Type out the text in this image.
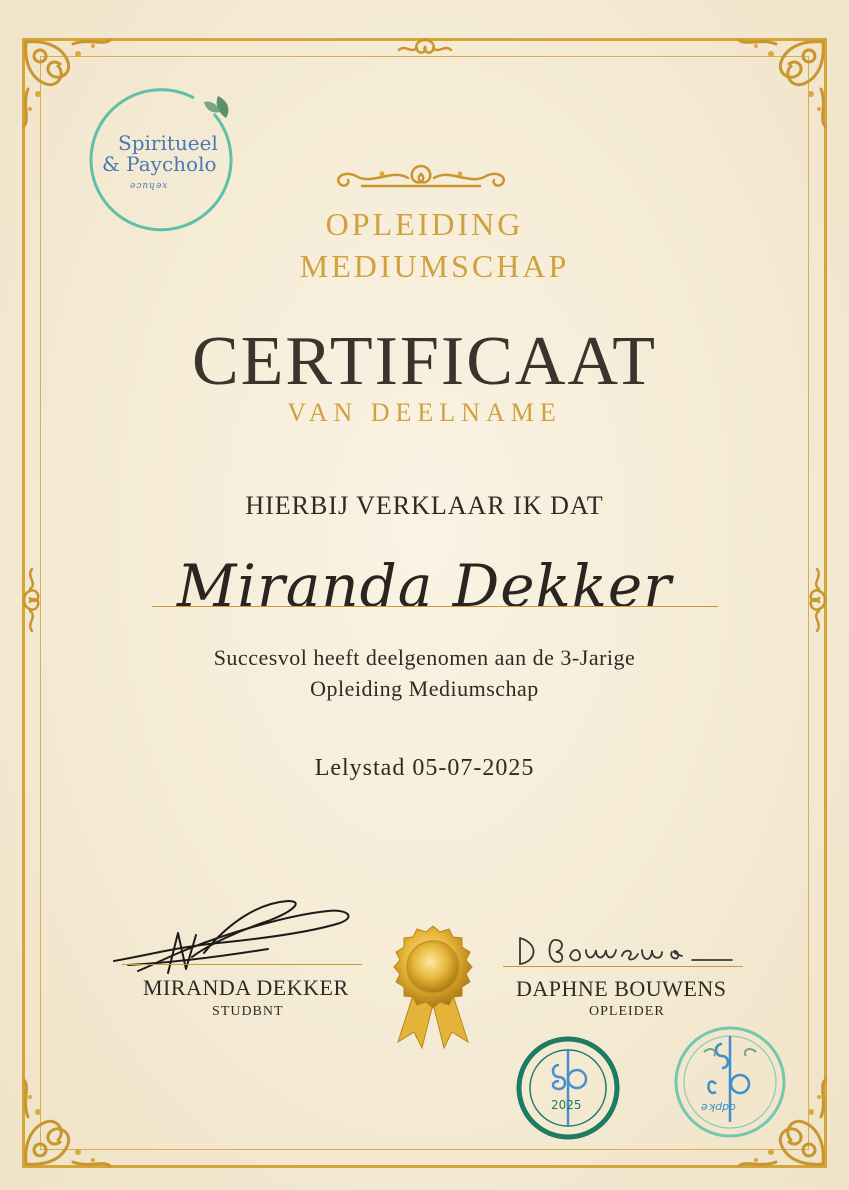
Spiritueel
& Paycholo
ǝɔnɥǝx
OPLEIDING
MEDIUMSCHAP
CERTIFICAAT
VAN DEELNAME
HIERBIJ VERKLAAR IK DAT
Miranda Dekker
Succesvol heeft deelgenomen aan de 3-Jarige
Opleiding Mediumschap
Lelystad 05-07-2025
MIRANDA DEKKER
STUDBNT
DAPHNE BOUWENS
OPLEIDER
2025	ǝʞdpo
